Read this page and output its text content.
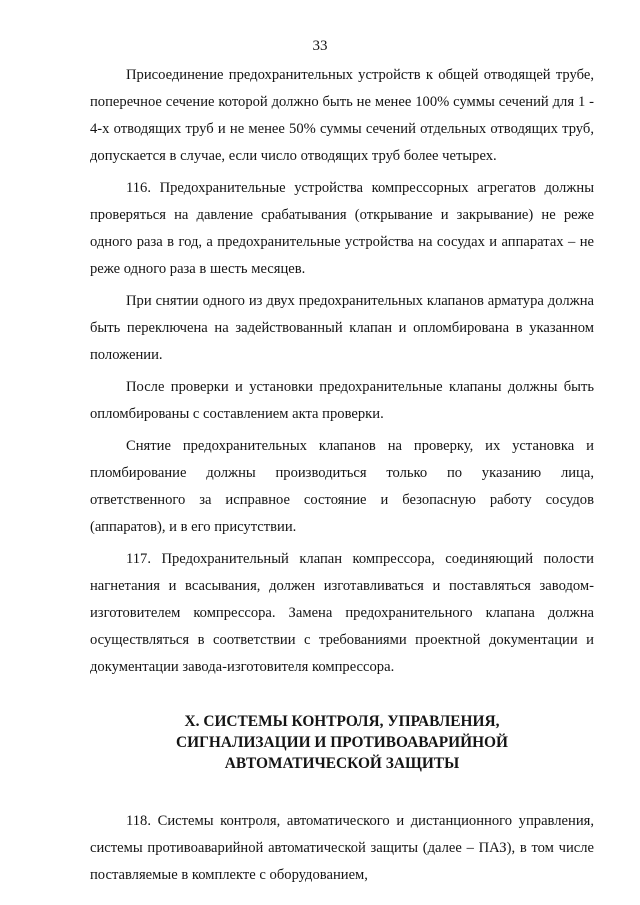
33

Присоединение предохранительных устройств к общей отводящей трубе, поперечное сечение которой должно быть не менее 100% суммы сечений для 1 - 4-х отводящих труб и не менее 50% суммы сечений отдельных отводящих труб, допускается в случае, если число отводящих труб более четырех.

116. Предохранительные устройства компрессорных агрегатов должны проверяться на давление срабатывания (открывание и закрывание) не реже одного раза в год, а предохранительные устройства на сосудах и аппаратах – не реже одного раза в шесть месяцев.

При снятии одного из двух предохранительных клапанов арматура должна быть переключена на задействованный клапан и опломбирована в указанном положении.

После проверки и установки предохранительные клапаны должны быть опломбированы с составлением акта проверки.

Снятие предохранительных клапанов на проверку, их установка и пломбирование должны производиться только по указанию лица, ответственного за исправное состояние и безопасную работу сосудов (аппаратов), и в его присутствии.

117. Предохранительный клапан компрессора, соединяющий полости нагнетания и всасывания, должен изготавливаться и поставляться заводом-изготовителем компрессора. Замена предохранительного клапана должна осуществляться в соответствии с требованиями проектной документации и документации завода-изготовителя компрессора.

X. СИСТЕМЫ КОНТРОЛЯ, УПРАВЛЕНИЯ,
СИГНАЛИЗАЦИИ И ПРОТИВОАВАРИЙНОЙ
АВТОМАТИЧЕСКОЙ ЗАЩИТЫ

118. Системы контроля, автоматического и дистанционного управления, системы противоаварийной автоматической защиты (далее – ПАЗ), в том числе поставляемые в комплекте с оборудованием,
